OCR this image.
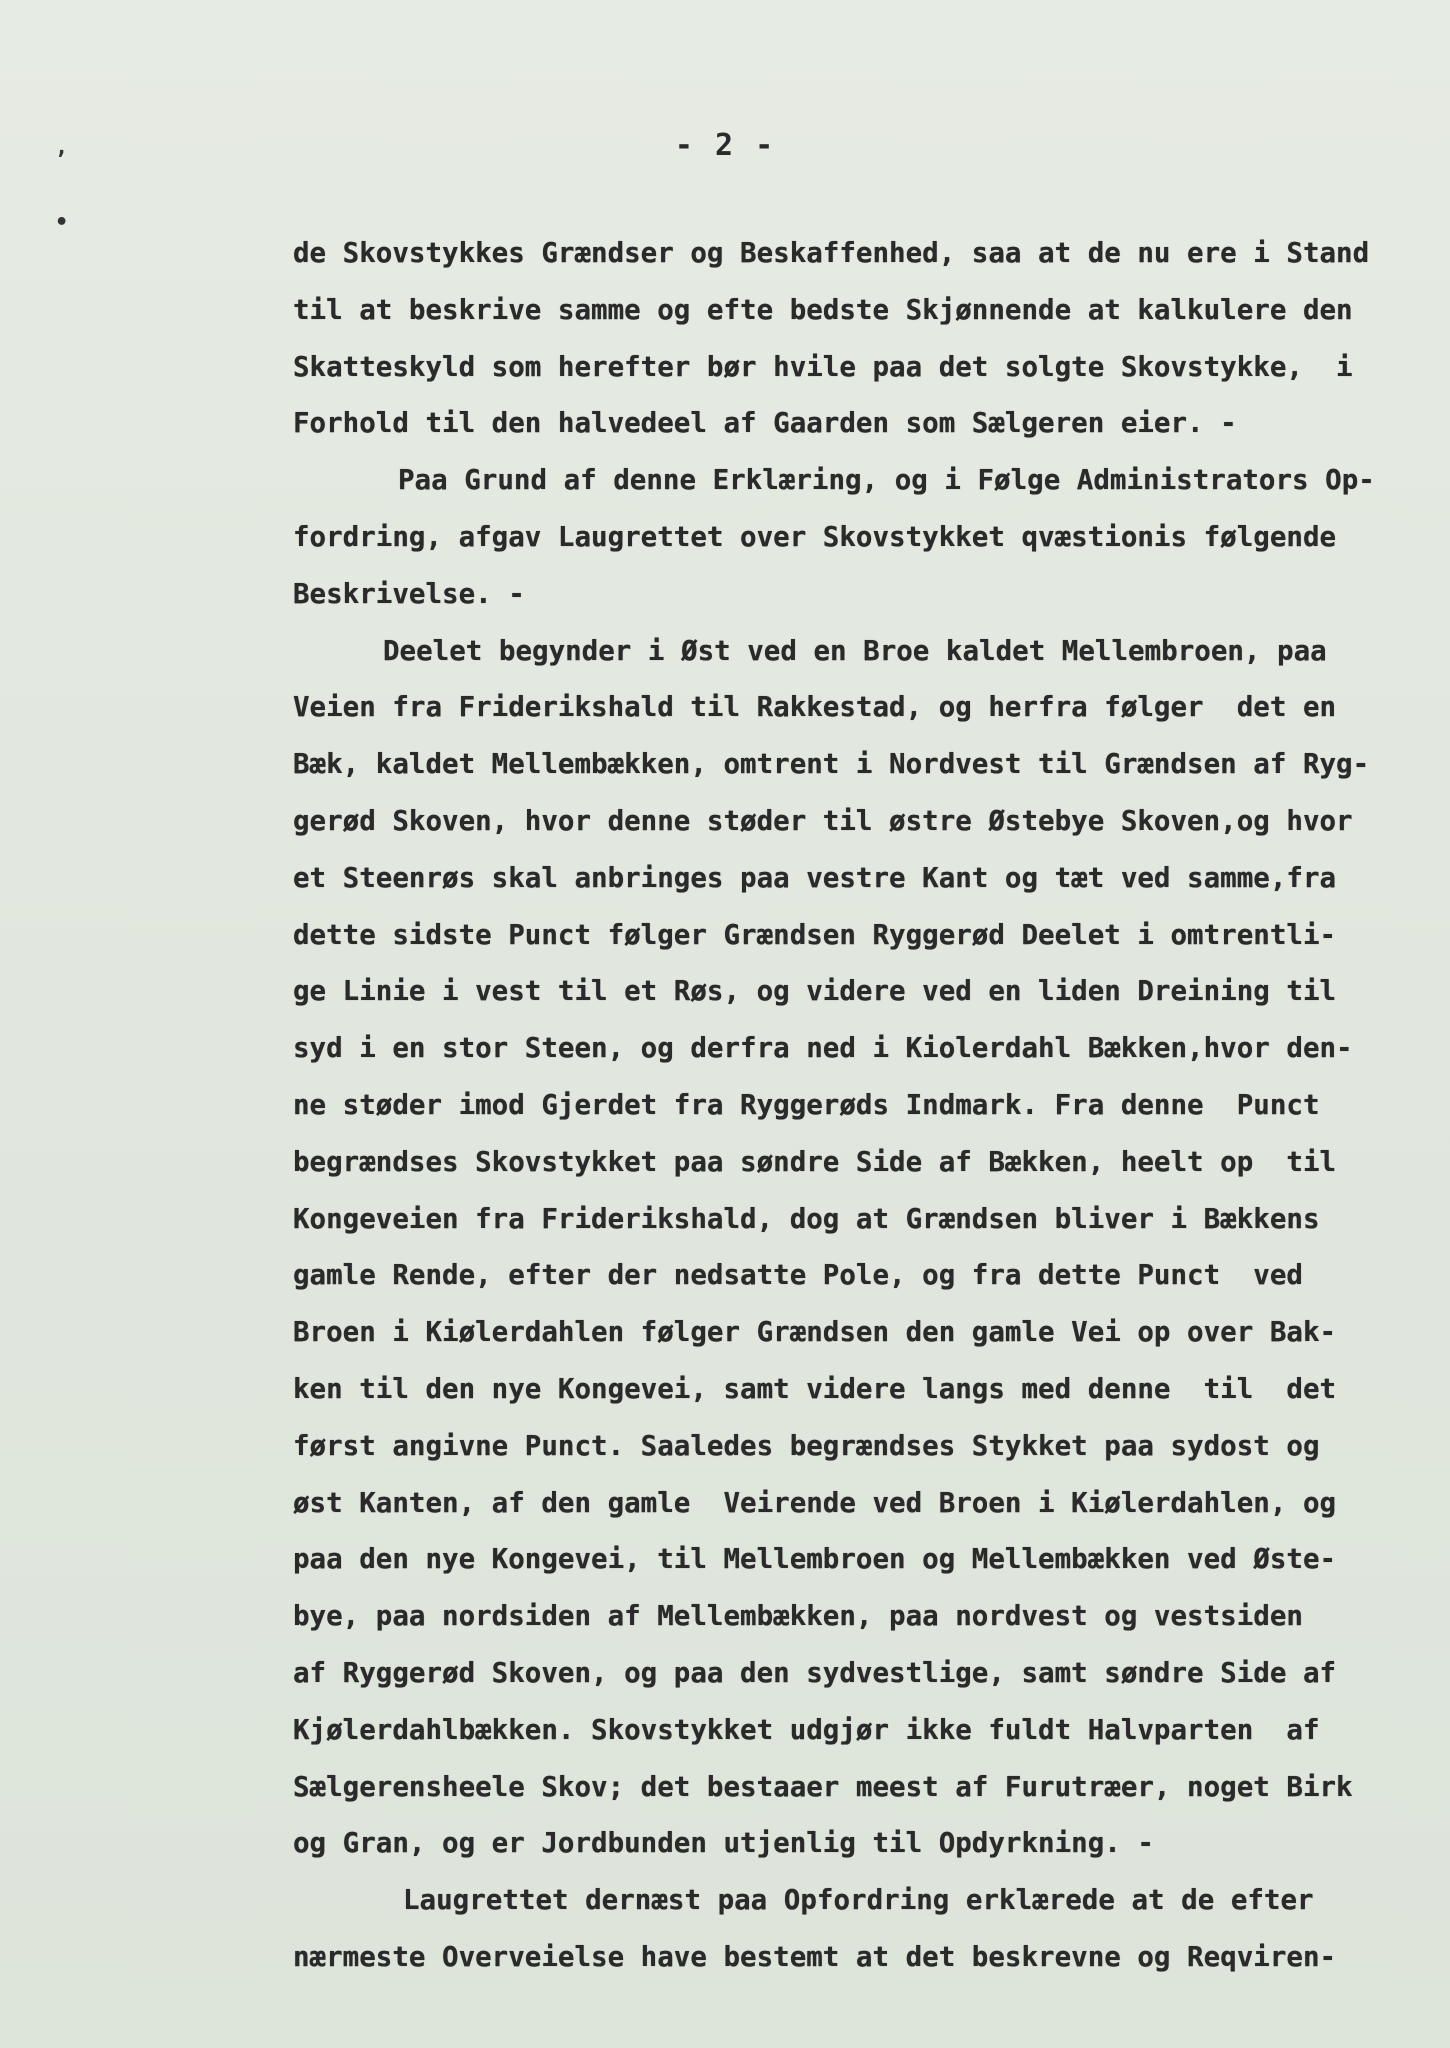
,
•
- 2 -
de Skovstykkes Grændser og Beskaffenhed, saa at de nu ere i Stand
til at beskrive samme og efte bedste Skjønnende at kalkulere den
Skatteskyld som herefter bør hvile paa det solgte Skovstykke,  i
Forhold til den halvedeel af Gaarden som Sælgeren eier. -
Paa Grund af denne Erklæring, og i Følge Administrators Op-
fordring, afgav Laugrettet over Skovstykket qvæstionis følgende
Beskrivelse. -
Deelet begynder i Øst ved en Broe kaldet Mellembroen, paa
Veien fra Friderikshald til Rakkestad, og herfra følger  det en
Bæk, kaldet Mellembækken, omtrent i Nordvest til Grændsen af Ryg-
gerød Skoven, hvor denne støder til østre Østebye Skoven,og hvor
et Steenrøs skal anbringes paa vestre Kant og tæt ved samme,fra
dette sidste Punct følger Grændsen Ryggerød Deelet i omtrentli-
ge Linie i vest til et Røs, og videre ved en liden Dreining til
syd i en stor Steen, og derfra ned i Kiolerdahl Bækken,hvor den-
ne støder imod Gjerdet fra Ryggerøds Indmark. Fra denne  Punct
begrændses Skovstykket paa søndre Side af Bækken, heelt op  til
Kongeveien fra Friderikshald, dog at Grændsen bliver i Bækkens
gamle Rende, efter der nedsatte Pole, og fra dette Punct  ved
Broen i Kiølerdahlen følger Grændsen den gamle Vei op over Bak-
ken til den nye Kongevei, samt videre langs med denne  til  det
først angivne Punct. Saaledes begrændses Stykket paa sydost og
øst Kanten, af den gamle  Veirende ved Broen i Kiølerdahlen, og
paa den nye Kongevei, til Mellembroen og Mellembækken ved Øste-
bye, paa nordsiden af Mellembækken, paa nordvest og vestsiden
af Ryggerød Skoven, og paa den sydvestlige, samt søndre Side af
Kjølerdahlbækken. Skovstykket udgjør ikke fuldt Halvparten  af
Sælgerensheele Skov; det bestaaer meest af Furutræer, noget Birk
og Gran, og er Jordbunden utjenlig til Opdyrkning. -
Laugrettet dernæst paa Opfordring erklærede at de efter
nærmeste Overveielse have bestemt at det beskrevne og Reqviren-
